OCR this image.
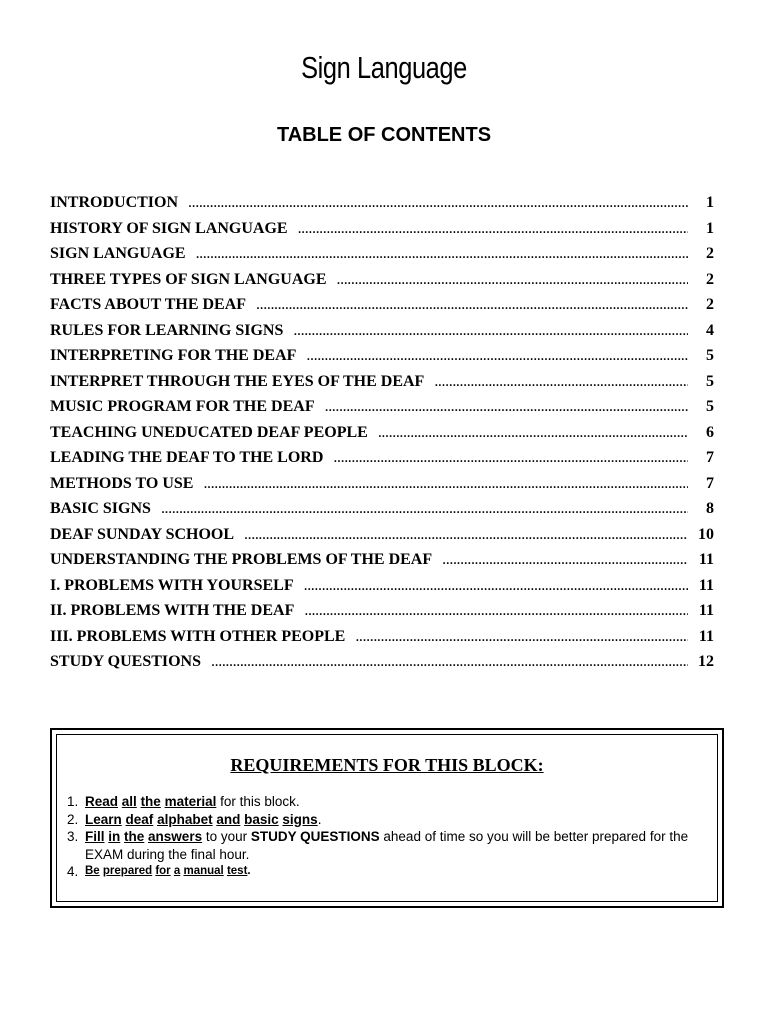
Sign Language
TABLE OF CONTENTS
INTRODUCTION . . .	1
HISTORY OF SIGN LANGUAGE . . .	1
SIGN LANGUAGE . . .	2
THREE TYPES OF SIGN LANGUAGE . . .	2
FACTS ABOUT THE DEAF . . .	2
RULES FOR LEARNING SIGNS . . .	4
INTERPRETING FOR THE DEAF . . .	5
INTERPRET THROUGH THE EYES OF THE DEAF . . .	5
MUSIC PROGRAM FOR THE DEAF . . .	5
TEACHING UNEDUCATED DEAF PEOPLE . . .	6
LEADING THE DEAF TO THE LORD . . .	7
METHODS TO USE . . .	7
BASIC SIGNS . . .	8
DEAF SUNDAY SCHOOL . . .	10
UNDERSTANDING THE PROBLEMS OF THE DEAF . . .	11
I. PROBLEMS WITH YOURSELF . . .	11
II. PROBLEMS WITH THE DEAF . . .	11
III. PROBLEMS WITH OTHER PEOPLE . . .	11
STUDY QUESTIONS . . .	12
REQUIREMENTS FOR THIS BLOCK:
1. Read all the material for this block.
2. Learn deaf alphabet and basic signs.
3. Fill in the answers to your STUDY QUESTIONS ahead of time so you will be better prepared for the EXAM during the final hour.
4. Be prepared for a manual test.
